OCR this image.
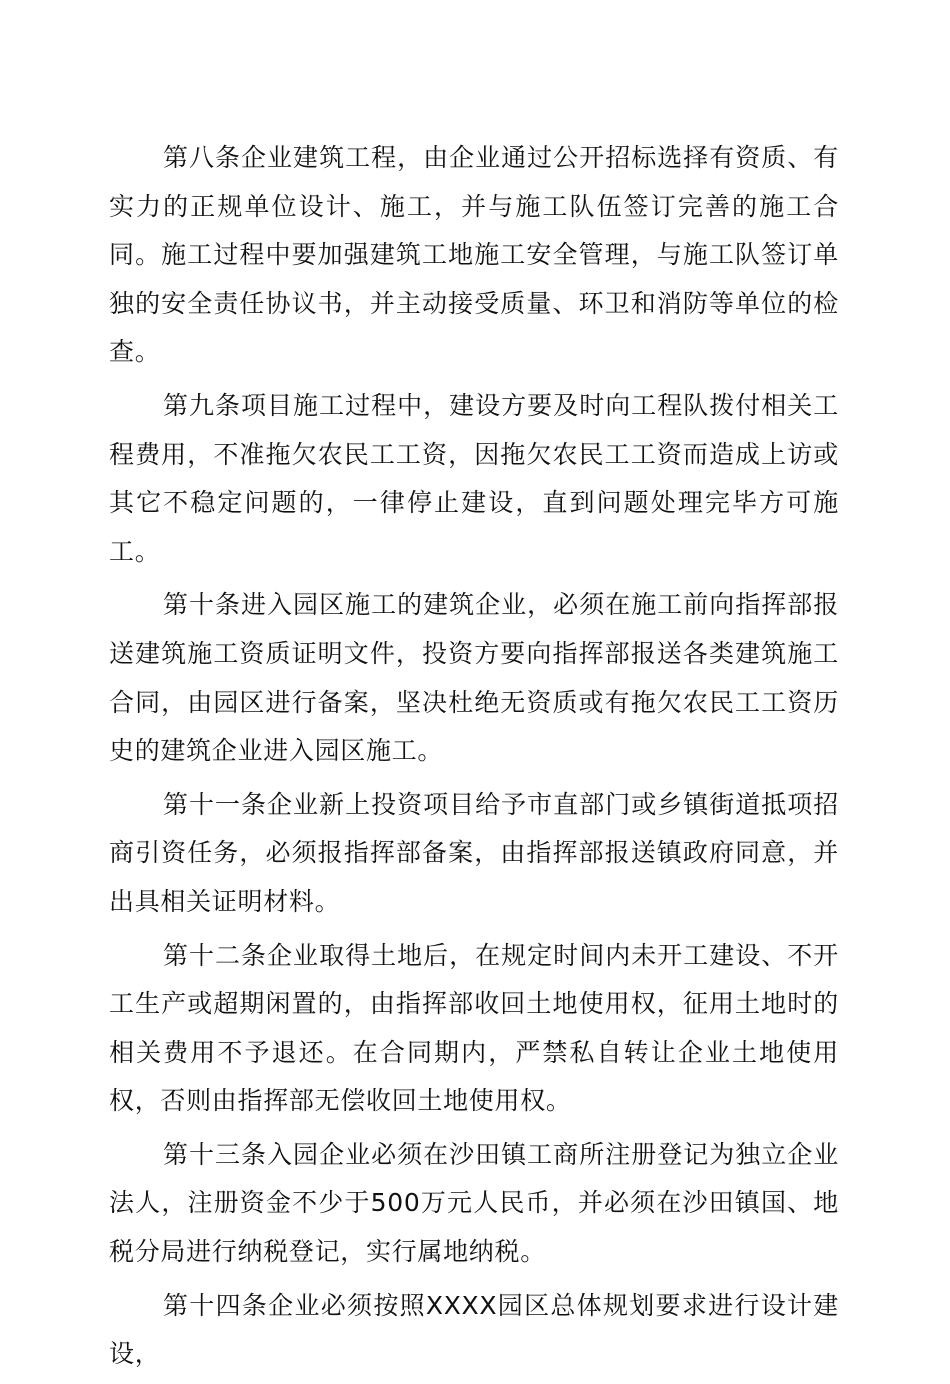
第八条企业建筑工程，由企业通过公开招标选择有资质、有实力的正规单位设计、施工，并与施工队伍签订完善的施工合同。施工过程中要加强建筑工地施工安全管理，与施工队签订单独的安全责任协议书，并主动接受质量、环卫和消防等单位的检查。

第九条项目施工过程中，建设方要及时向工程队拨付相关工程费用，不准拖欠农民工工资，因拖欠农民工工资而造成上访或其它不稳定问题的，一律停止建设，直到问题处理完毕方可施工。

第十条进入园区施工的建筑企业，必须在施工前向指挥部报送建筑施工资质证明文件，投资方要向指挥部报送各类建筑施工合同，由园区进行备案，坚决杜绝无资质或有拖欠农民工工资历史的建筑企业进入园区施工。

第十一条企业新上投资项目给予市直部门或乡镇街道抵项招商引资任务，必须报指挥部备案，由指挥部报送镇政府同意，并出具相关证明材料。

第十二条企业取得土地后，在规定时间内未开工建设、不开工生产或超期闲置的，由指挥部收回土地使用权，征用土地时的相关费用不予退还。在合同期内，严禁私自转让企业土地使用权，否则由指挥部无偿收回土地使用权。

第十三条入园企业必须在沙田镇工商所注册登记为独立企业法人，注册资金不少于500万元人民币，并必须在沙田镇国、地税分局进行纳税登记，实行属地纳税。

第十四条企业必须按照XXXX园区总体规划要求进行设计建设，
